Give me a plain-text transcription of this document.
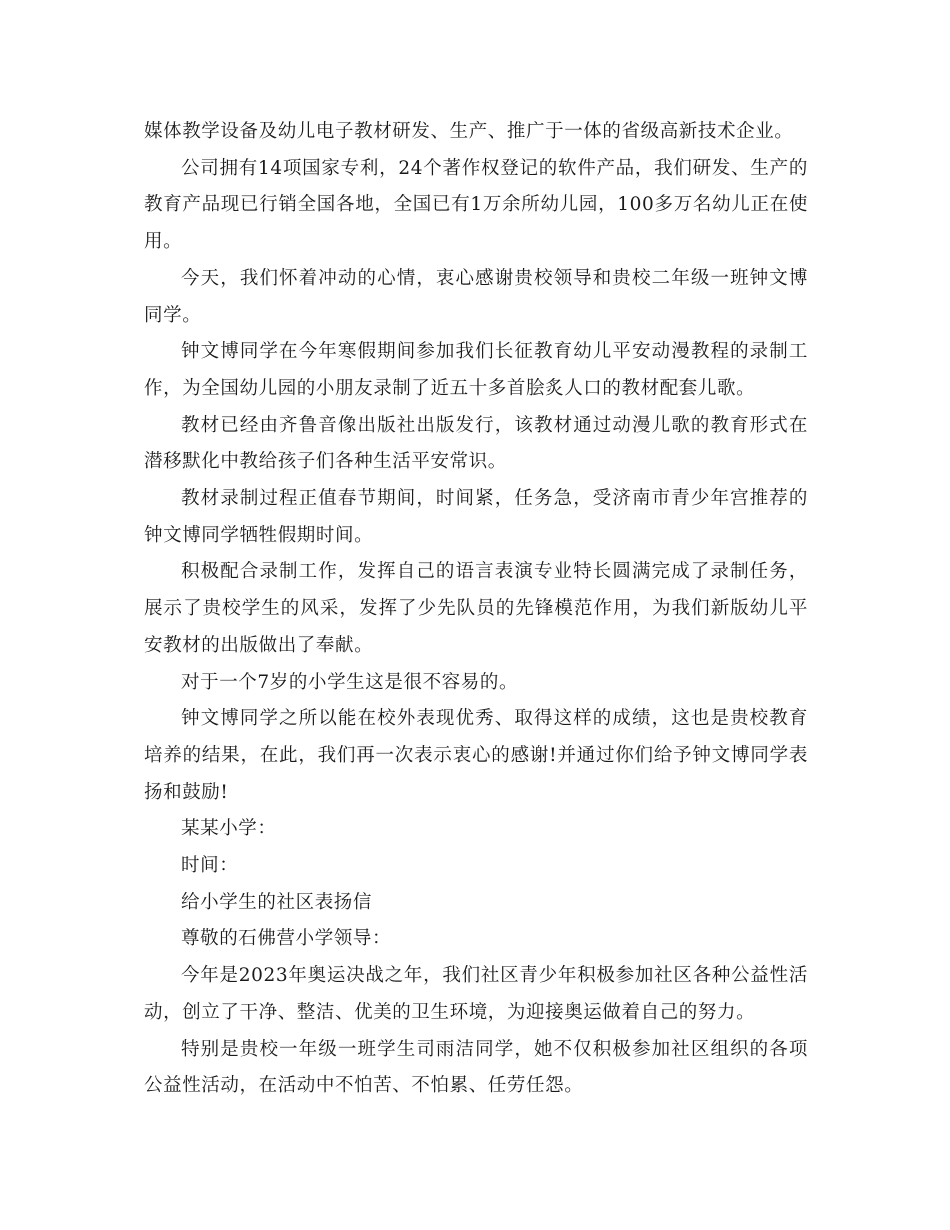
媒体教学设备及幼儿电子教材研发、生产、推广于一体的省级高新技术企业。

公司拥有14项国家专利，24个著作权登记的软件产品，我们研发、生产的教育产品现已行销全国各地，全国已有1万余所幼儿园，100多万名幼儿正在使用。

今天，我们怀着冲动的心情，衷心感谢贵校领导和贵校二年级一班钟文博同学。

钟文博同学在今年寒假期间参加我们长征教育幼儿平安动漫教程的录制工作，为全国幼儿园的小朋友录制了近五十多首脍炙人口的教材配套儿歌。

教材已经由齐鲁音像出版社出版发行，该教材通过动漫儿歌的教育形式在潜移默化中教给孩子们各种生活平安常识。

教材录制过程正值春节期间，时间紧，任务急，受济南市青少年宫推荐的钟文博同学牺牲假期时间。

积极配合录制工作，发挥自己的语言表演专业特长圆满完成了录制任务，展示了贵校学生的风采，发挥了少先队员的先锋模范作用，为我们新版幼儿平安教材的出版做出了奉献。

对于一个7岁的小学生这是很不容易的。

钟文博同学之所以能在校外表现优秀、取得这样的成绩，这也是贵校教育培养的结果，在此，我们再一次表示衷心的感谢!并通过你们给予钟文博同学表扬和鼓励!

某某小学：

时间：

给小学生的社区表扬信

尊敬的石佛营小学领导：

今年是2023年奥运决战之年，我们社区青少年积极参加社区各种公益性活动，创立了干净、整洁、优美的卫生环境，为迎接奥运做着自己的努力。

特别是贵校一年级一班学生司雨洁同学，她不仅积极参加社区组织的各项公益性活动，在活动中不怕苦、不怕累、任劳任怨。
